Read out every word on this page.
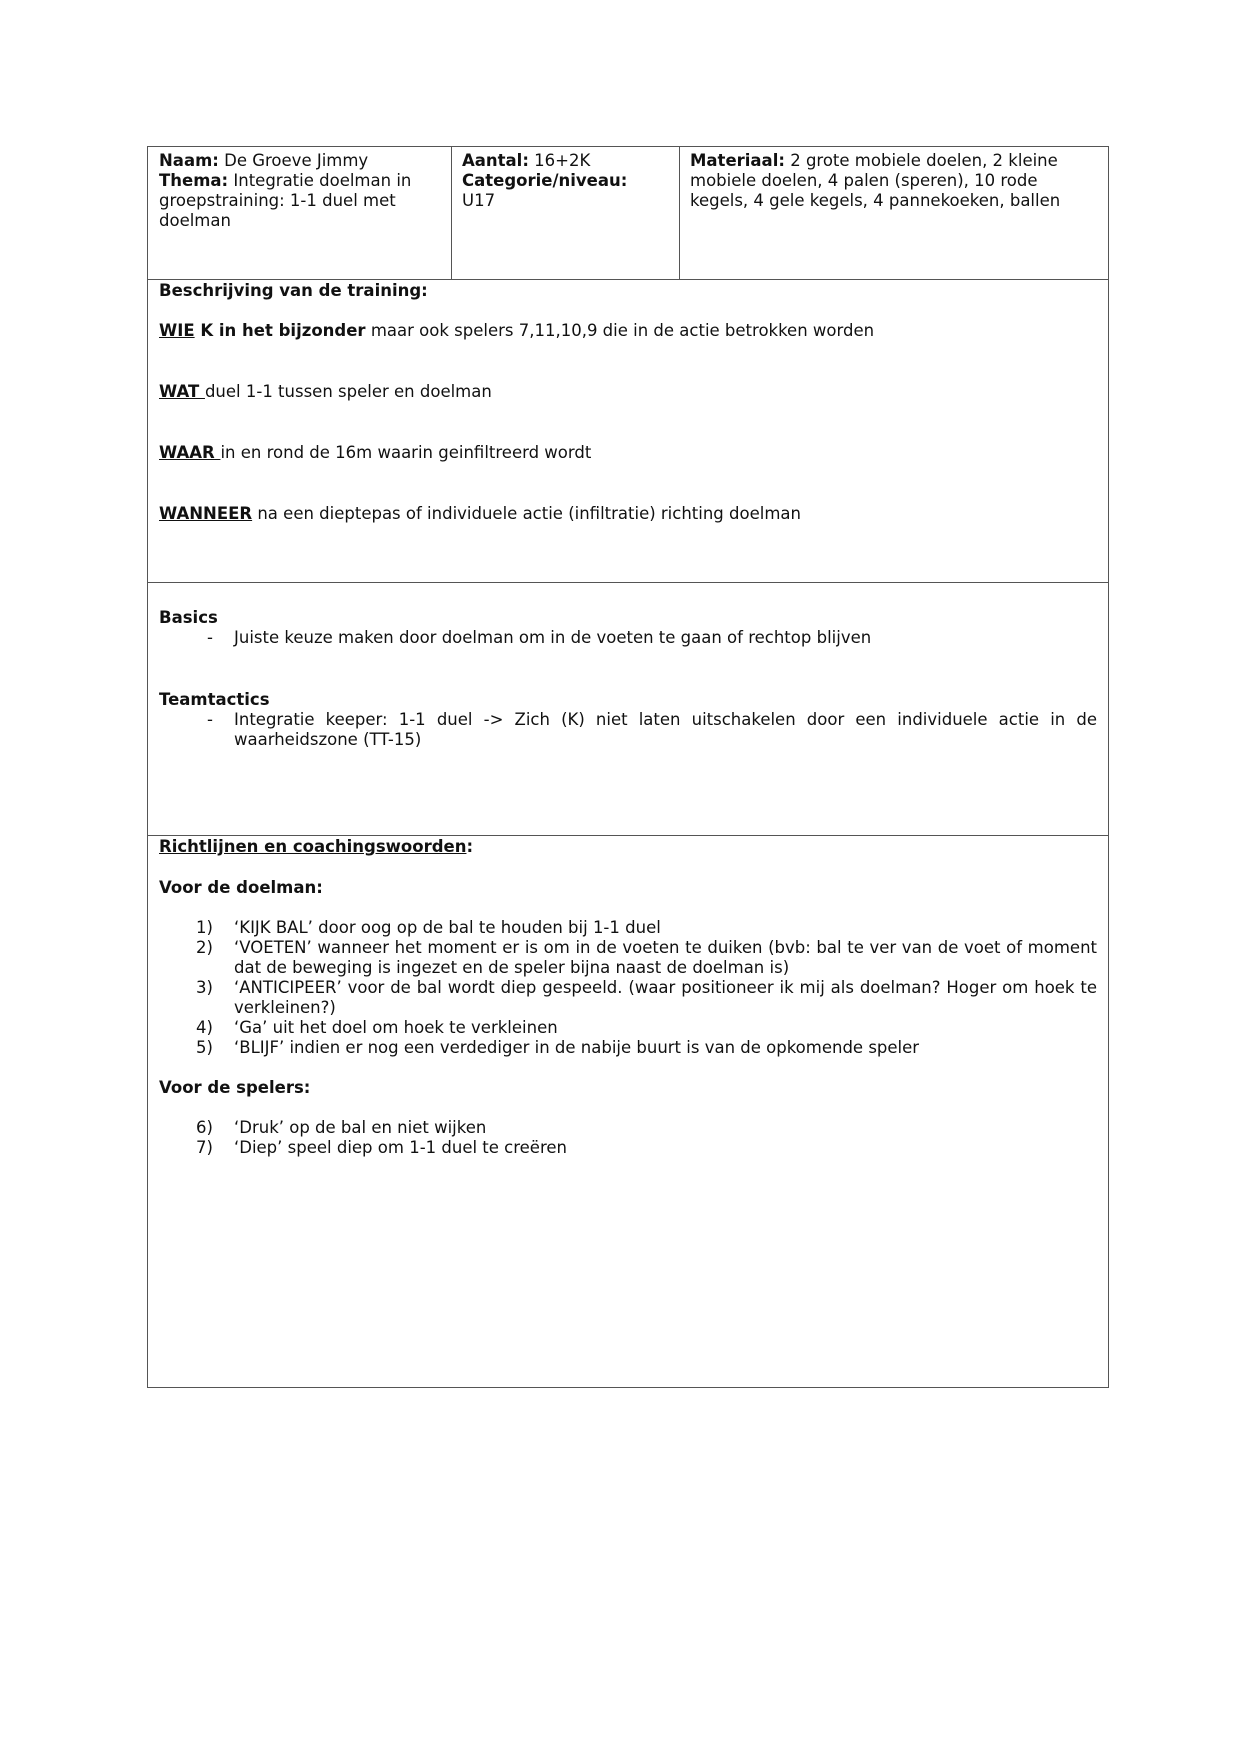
Naam: De Groeve Jimmy
Thema: Integratie doelman in
groepstraining: 1-1 duel met
doelman
Aantal: 16+2K
Categorie/niveau:
U17
Materiaal: 2 grote mobiele doelen, 2 kleine
mobiele doelen, 4 palen (speren), 10 rode
kegels, 4 gele kegels, 4 pannekoeken, ballen
Beschrijving van de training:
WIE K in het bijzonder maar ook spelers 7,11,10,9 die in de actie betrokken worden
WAT duel 1-1 tussen speler en doelman
WAAR in en rond de 16m waarin geinfiltreerd wordt
WANNEER na een dieptepas of individuele actie (infiltratie) richting doelman
Basics
- Juiste keuze maken door doelman om in de voeten te gaan of rechtop blijven
Teamtactics
- Integratie keeper: 1-1 duel -> Zich (K) niet laten uitschakelen door een individuele actie in de waarheidszone (TT-15)
Richtlijnen en coachingswoorden:
Voor de doelman:
1) ‘KIJK BAL’ door oog op de bal te houden bij 1-1 duel
2) ‘VOETEN’ wanneer het moment er is om in de voeten te duiken (bvb: bal te ver van de voet of moment dat de beweging is ingezet en de speler bijna naast de doelman is)
3) ‘ANTICIPEER’ voor de bal wordt diep gespeeld. (waar positioneer ik mij als doelman? Hoger om hoek te verkleinen?)
4) ‘Ga’ uit het doel om hoek te verkleinen
5) ‘BLIJF’ indien er nog een verdediger in de nabije buurt is van de opkomende speler
Voor de spelers:
6) ‘Druk’ op de bal en niet wijken
7) ‘Diep’ speel diep om 1-1 duel te creëren
